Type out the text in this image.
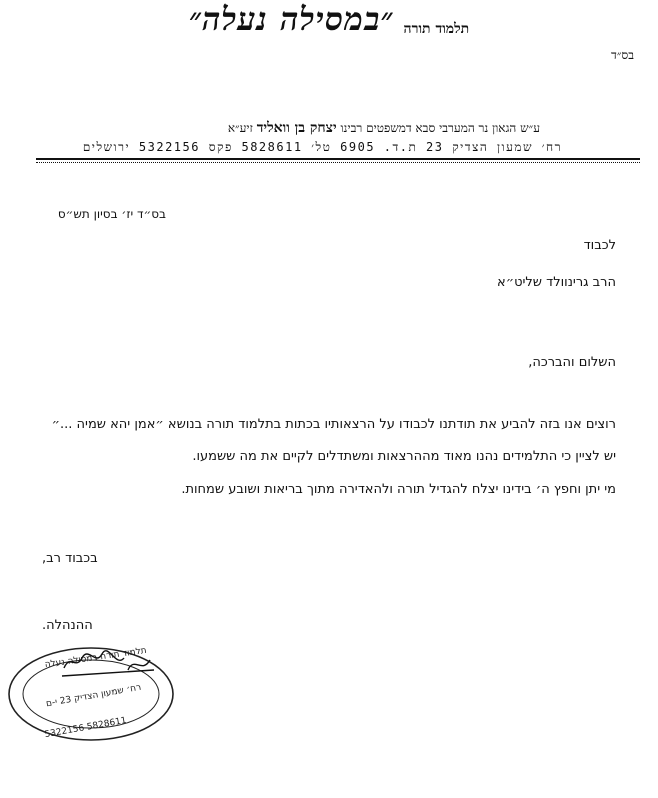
בס״ד
תלמוד תורה
״במסילה נעלה״
ע״ש הגאון נר המערבי סבא דמשפטים רבינו יצחק בן וואליד זיע״א
רח׳ שמעון הצדיק 23 ת.ד. 6905 טל׳ 5828611 פקס 5322156 ירושלים
בס״ד יז׳ בסיון תש״ס
לכבוד
הרב גרינוולד שליט״א
השלום והברכה,
רוצים אנו בזה להביע את תודתנו לכבודו על הרצאותיו בכתות בתלמוד תורה בנושא ״אמן יהא שמיה ...״
יש לציין כי התלמידים נהנו מאוד מההרצאות ומשתדלים לקיים את מה ששמעו.
מי יתן וחפץ ה׳ בידינו יצלח להגדיל תורה ולהאדירה מתוך בריאות ושובע שמחות.
בכבוד רב,
ההנהלה.
תלמוד תורה במסילה נעלה
רח׳ שמעון הצדיק 23 י-ם
5322156 5828611
